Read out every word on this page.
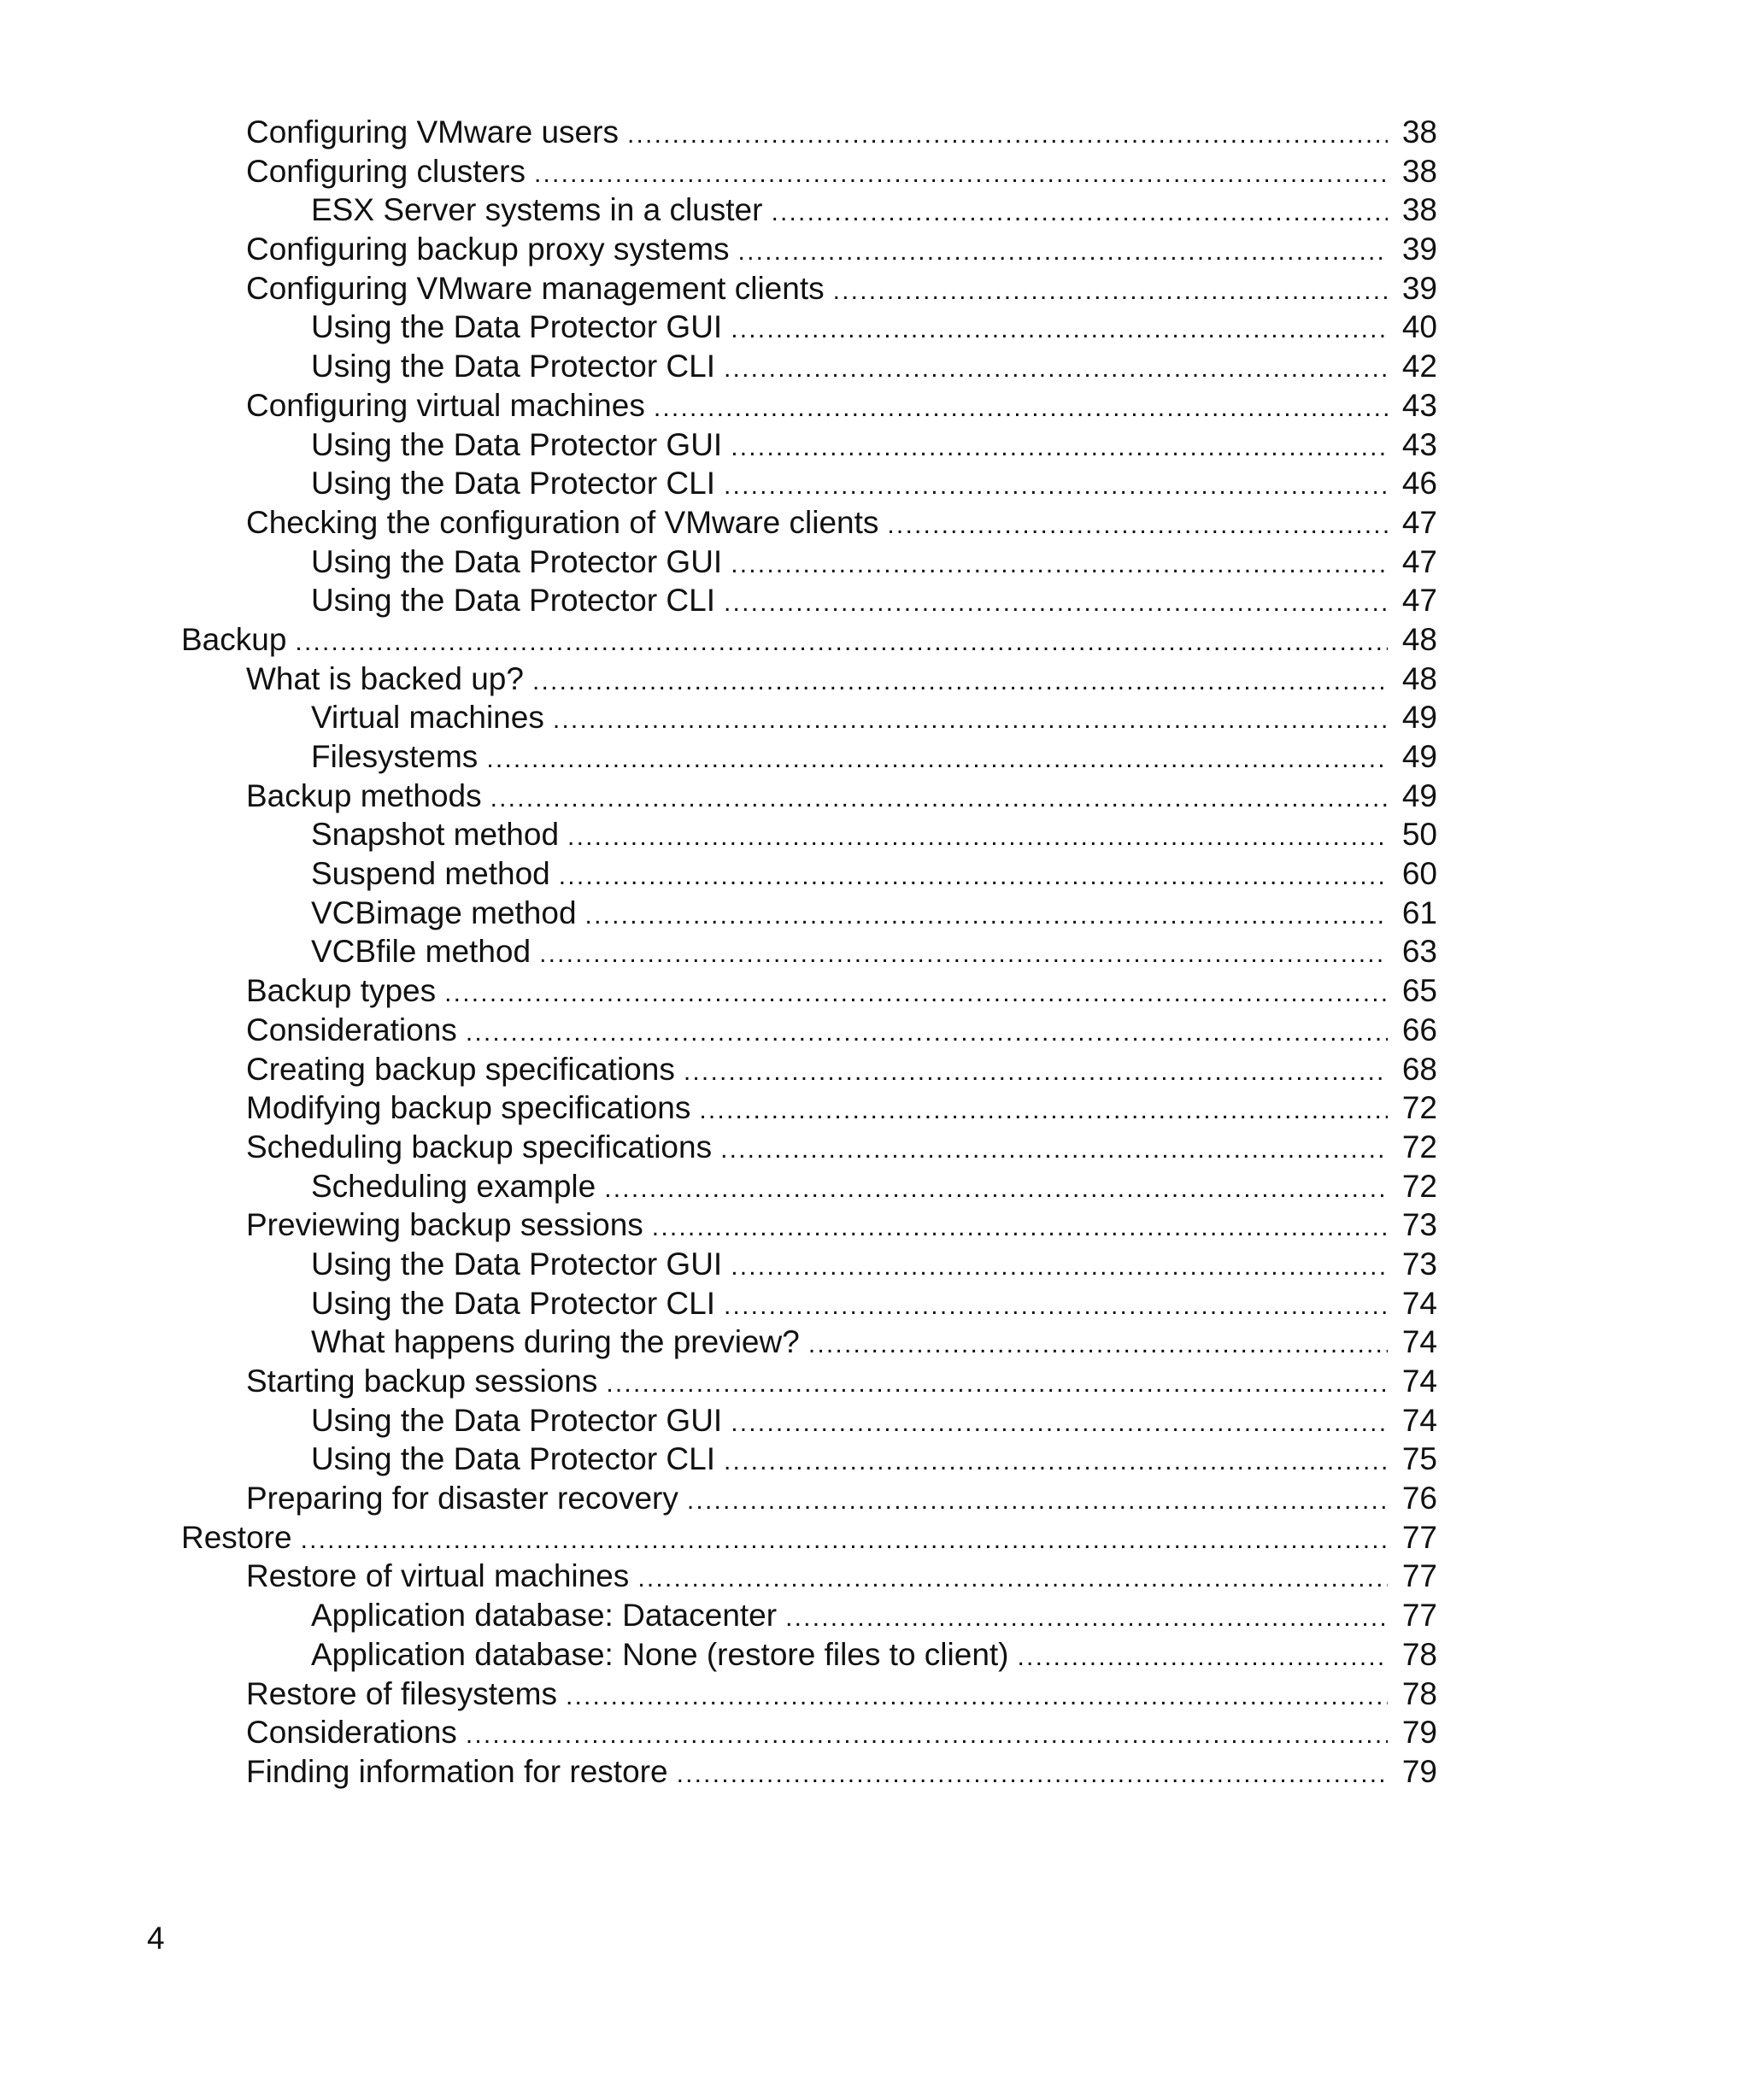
Configuring VMware users .....	38
Configuring clusters .....	38
ESX Server systems in a cluster .....	38
Configuring backup proxy systems .....	39
Configuring VMware management clients .....	39
Using the Data Protector GUI .....	40
Using the Data Protector CLI .....	42
Configuring virtual machines .....	43
Using the Data Protector GUI .....	43
Using the Data Protector CLI .....	46
Checking the configuration of VMware clients .....	47
Using the Data Protector GUI .....	47
Using the Data Protector CLI .....	47
Backup .....	48
What is backed up? .....	48
Virtual machines .....	49
Filesystems .....	49
Backup methods .....	49
Snapshot method .....	50
Suspend method .....	60
VCBimage method .....	61
VCBfile method .....	63
Backup types .....	65
Considerations .....	66
Creating backup specifications .....	68
Modifying backup specifications .....	72
Scheduling backup specifications .....	72
Scheduling example .....	72
Previewing backup sessions .....	73
Using the Data Protector GUI .....	73
Using the Data Protector CLI .....	74
What happens during the preview? .....	74
Starting backup sessions .....	74
Using the Data Protector GUI .....	74
Using the Data Protector CLI .....	75
Preparing for disaster recovery .....	76
Restore .....	77
Restore of virtual machines .....	77
Application database: Datacenter .....	77
Application database: None (restore files to client) .....	78
Restore of filesystems .....	78
Considerations .....	79
Finding information for restore .....	79
4
